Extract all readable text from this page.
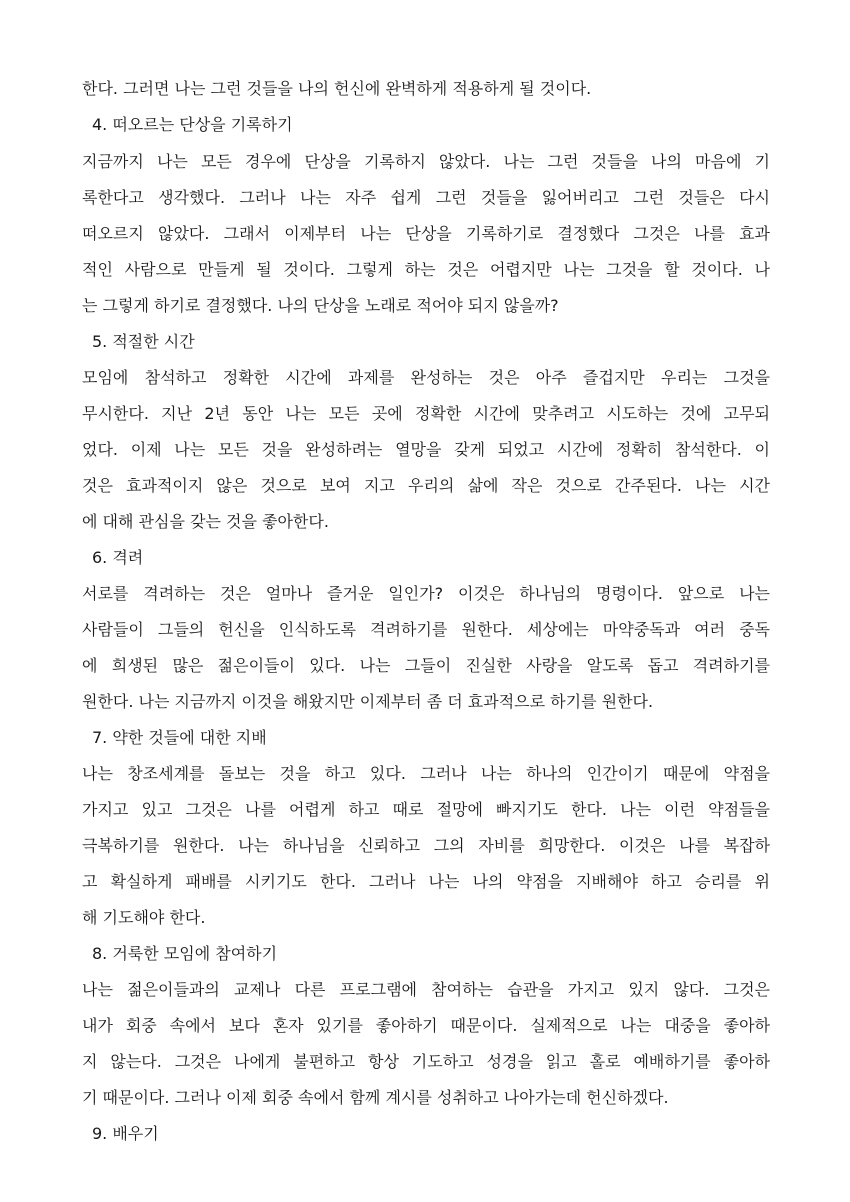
한다. 그러면 나는 그런 것들을 나의 헌신에 완벽하게 적용하게 될 것이다.
4. 떠오르는 단상을 기록하기
지금까지 나는 모든 경우에 단상을 기록하지 않았다. 나는 그런 것들을 나의 마음에 기
록한다고 생각했다. 그러나 나는 자주 쉽게 그런 것들을 잃어버리고 그런 것들은 다시
떠오르지 않았다. 그래서 이제부터 나는 단상을 기록하기로 결정했다 그것은 나를 효과
적인 사람으로 만들게 될 것이다. 그렇게 하는 것은 어렵지만 나는 그것을 할 것이다. 나
는 그렇게 하기로 결정했다. 나의 단상을 노래로 적어야 되지 않을까?
5. 적절한 시간
모임에 참석하고 정확한 시간에 과제를 완성하는 것은 아주 즐겁지만 우리는 그것을
무시한다. 지난 2년 동안 나는 모든 곳에 정확한 시간에 맞추려고 시도하는 것에 고무되
었다. 이제 나는 모든 것을 완성하려는 열망을 갖게 되었고 시간에 정확히 참석한다. 이
것은 효과적이지 않은 것으로 보여 지고 우리의 삶에 작은 것으로 간주된다. 나는 시간
에 대해 관심을 갖는 것을 좋아한다.
6. 격려
서로를 격려하는 것은 얼마나 즐거운 일인가? 이것은 하나님의 명령이다. 앞으로 나는
사람들이 그들의 헌신을 인식하도록 격려하기를 원한다. 세상에는 마약중독과 여러 중독
에 희생된 많은 젊은이들이 있다. 나는 그들이 진실한 사랑을 알도록 돕고 격려하기를
원한다. 나는 지금까지 이것을 해왔지만 이제부터 좀 더 효과적으로 하기를 원한다.
7. 약한 것들에 대한 지배
나는 창조세계를 돌보는 것을 하고 있다. 그러나 나는 하나의 인간이기 때문에 약점을
가지고 있고 그것은 나를 어렵게 하고 때로 절망에 빠지기도 한다. 나는 이런 약점들을
극복하기를 원한다. 나는 하나님을 신뢰하고 그의 자비를 희망한다. 이것은 나를 복잡하
고 확실하게 패배를 시키기도 한다. 그러나 나는 나의 약점을 지배해야 하고 승리를 위
해 기도해야 한다.
8. 거룩한 모임에 참여하기
나는 젊은이들과의 교제나 다른 프로그램에 참여하는 습관을 가지고 있지 않다. 그것은
내가 회중 속에서 보다 혼자 있기를 좋아하기 때문이다. 실제적으로 나는 대중을 좋아하
지 않는다. 그것은 나에게 불편하고 항상 기도하고 성경을 읽고 홀로 예배하기를 좋아하
기 때문이다. 그러나 이제 회중 속에서 함께 계시를 성취하고 나아가는데 헌신하겠다.
9. 배우기
